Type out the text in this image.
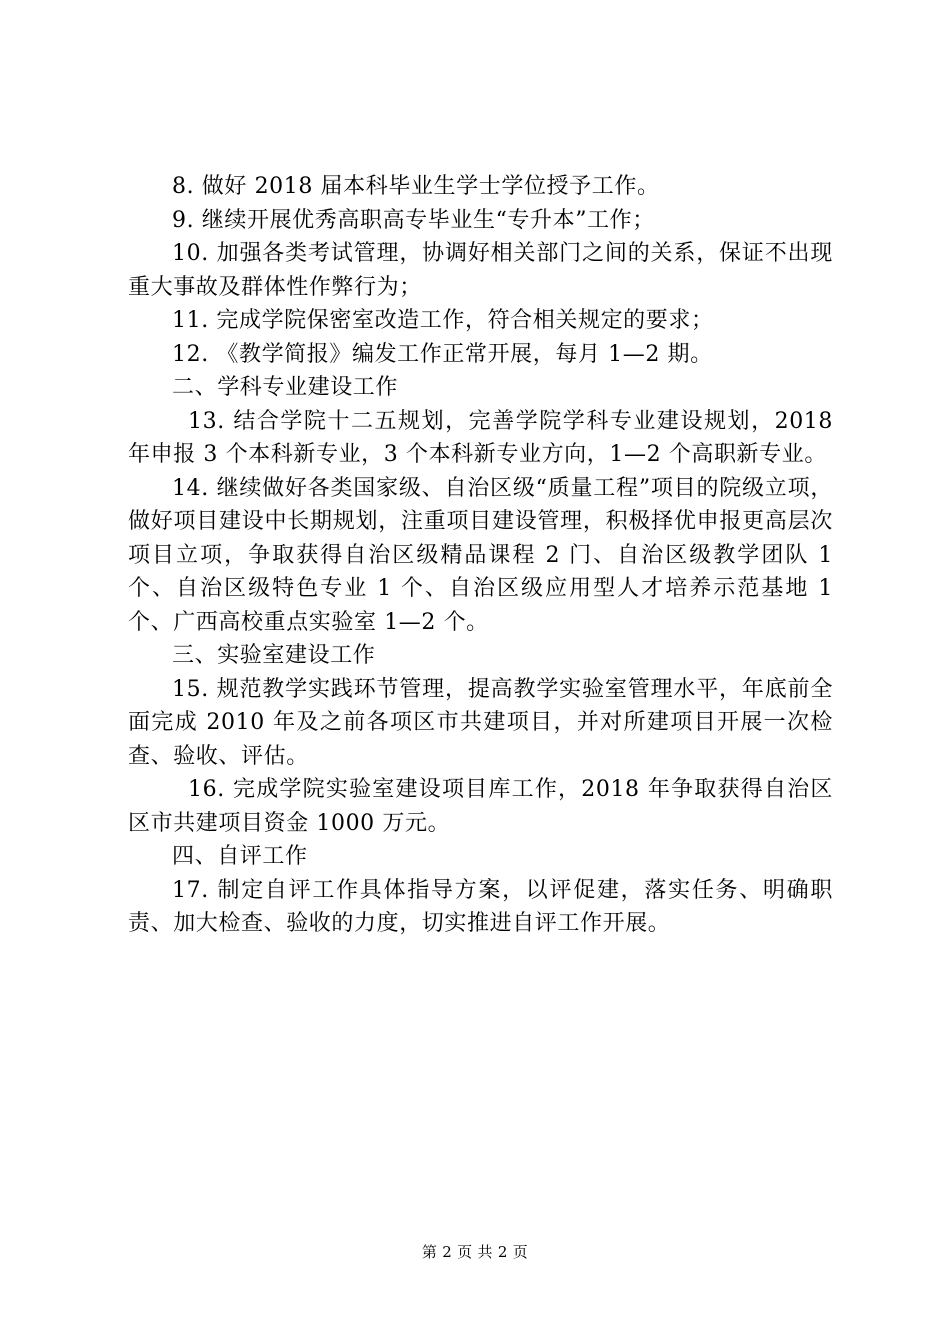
8. 做好 2018 届本科毕业生学士学位授予工作。

9. 继续开展优秀高职高专毕业生“专升本”工作；

10. 加强各类考试管理，协调好相关部门之间的关系，保证不出现重大事故及群体性作弊行为；

11. 完成学院保密室改造工作，符合相关规定的要求；

12. 《教学简报》编发工作正常开展，每月 1—2 期。

二、学科专业建设工作

13. 结合学院十二五规划，完善学院学科专业建设规划，2018 年申报 3 个本科新专业，3 个本科新专业方向，1—2 个高职新专业。

14. 继续做好各类国家级、自治区级“质量工程”项目的院级立项，做好项目建设中长期规划，注重项目建设管理，积极择优申报更高层次项目立项，争取获得自治区级精品课程 2 门、自治区级教学团队 1 个、自治区级特色专业 1 个、自治区级应用型人才培养示范基地 1 个、广西高校重点实验室 1—2 个。

三、实验室建设工作

15. 规范教学实践环节管理，提高教学实验室管理水平，年底前全面完成 2010 年及之前各项区市共建项目，并对所建项目开展一次检查、验收、评估。

16. 完成学院实验室建设项目库工作，2018 年争取获得自治区区市共建项目资金 1000 万元。

四、自评工作

17. 制定自评工作具体指导方案，以评促建，落实任务、明确职责、加大检查、验收的力度，切实推进自评工作开展。

第 2 页 共 2 页
